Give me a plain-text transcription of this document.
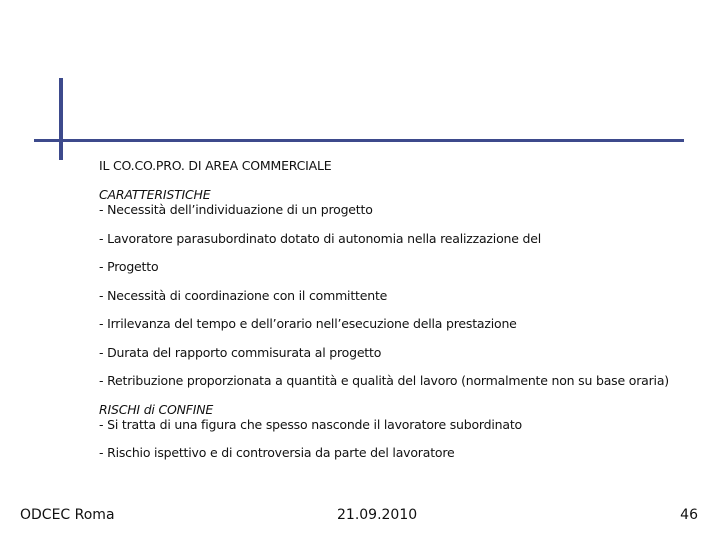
IL CO.CO.PRO. DI AREA COMMERCIALE
CARATTERISTICHE
- Necessità dell’individuazione di un progetto
- Lavoratore parasubordinato dotato di autonomia nella realizzazione del
- Progetto
- Necessità di coordinazione con il committente
- Irrilevanza del tempo e dell’orario nell’esecuzione della prestazione
- Durata del rapporto commisurata al progetto
- Retribuzione proporzionata a quantità e qualità del lavoro (normalmente non su base oraria)
RISCHI di CONFINE
- Si tratta di una figura che spesso nasconde il lavoratore subordinato
- Rischio ispettivo e di controversia da parte del lavoratore
ODCEC Roma	21.09.2010	46
